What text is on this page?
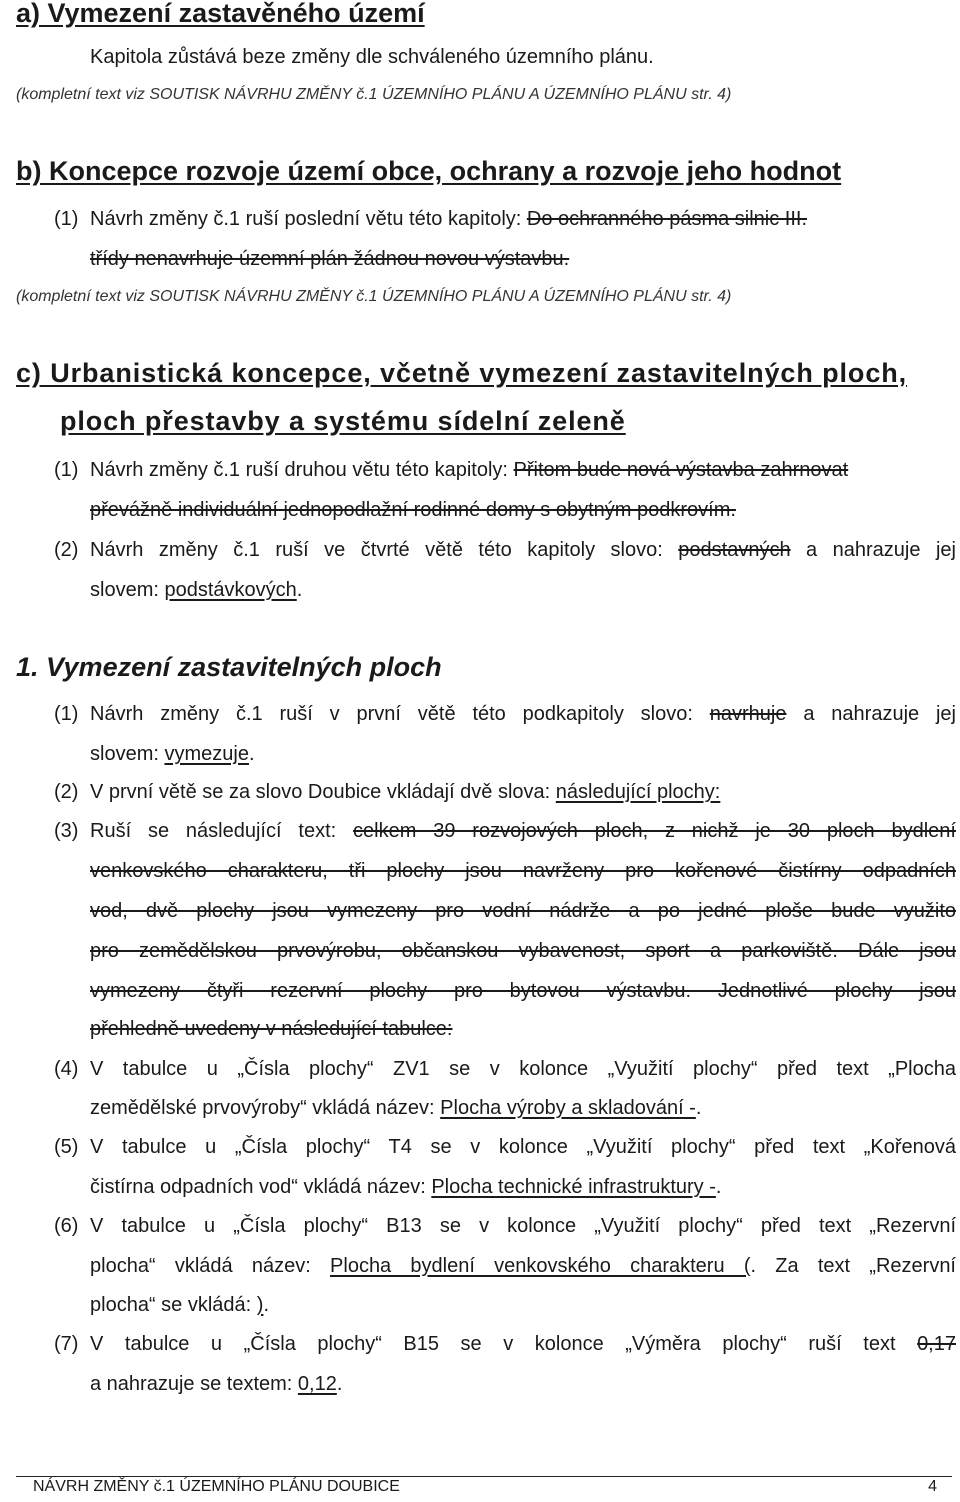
a) Vymezení zastavěného území
Kapitola zůstává beze změny dle schváleného územního plánu.
(kompletní text viz SOUTISK NÁVRHU ZMĚNY č.1 ÚZEMNÍHO PLÁNU A ÚZEMNÍHO PLÁNU str. 4)
b) Koncepce rozvoje území obce, ochrany a rozvoje jeho hodnot
(1) Návrh změny č.1 ruší poslední větu této kapitoly: Do ochranného pásma silnic III.
třídy nenavrhuje územní plán žádnou novou výstavbu.
(kompletní text viz SOUTISK NÁVRHU ZMĚNY č.1 ÚZEMNÍHO PLÁNU A ÚZEMNÍHO PLÁNU str. 4)
c) Urbanistická koncepce, včetně vymezení zastavitelných ploch,
ploch přestavby a systému sídelní zeleně
(1) Návrh změny č.1 ruší druhou větu této kapitoly: Přitom bude nová výstavba zahrnovat
převážně individuální jednopodlažní rodinné domy s obytným podkrovím.
(2) Návrh změny č.1 ruší ve čtvrté větě této kapitoly slovo: podstavných a nahrazuje jej
slovem: podstávkových.
1. Vymezení zastavitelných ploch
(1) Návrh změny č.1 ruší v první větě této podkapitoly slovo: navrhuje a nahrazuje jej
slovem: vymezuje.
(2) V první větě se za slovo Doubice vkládají dvě slova: následující plochy:
(3) Ruší se následující text: celkem 39 rozvojových ploch, z nichž je 30 ploch bydlení
venkovského charakteru, tři plochy jsou navrženy pro kořenové čistírny odpadních
vod, dvě plochy jsou vymezeny pro vodní nádrže a po jedné ploše bude využito
pro zemědělskou prvovýrobu, občanskou vybavenost, sport a parkoviště. Dále jsou
vymezeny čtyři rezervní plochy pro bytovou výstavbu. Jednotlivé plochy jsou
přehledně uvedeny v následující tabulce:
(4) V tabulce u „Čísla plochy“ ZV1 se v kolonce „Využití plochy“ před text „Plocha
zemědělské prvovýroby“ vkládá název: Plocha výroby a skladování -.
(5) V tabulce u „Čísla plochy“ T4 se v kolonce „Využití plochy“ před text „Kořenová
čistírna odpadních vod“ vkládá název: Plocha technické infrastruktury -.
(6) V tabulce u „Čísla plochy“ B13 se v kolonce „Využití plochy“ před text „Rezervní
plocha“ vkládá název: Plocha bydlení venkovského charakteru (. Za text „Rezervní
plocha“ se vkládá: ).
(7) V tabulce u „Čísla plochy“ B15 se v kolonce „Výměra plochy“ ruší text 0,17
a nahrazuje se textem: 0,12.
NÁVRH ZMĚNY č.1 ÚZEMNÍHO PLÁNU DOUBICE	4
